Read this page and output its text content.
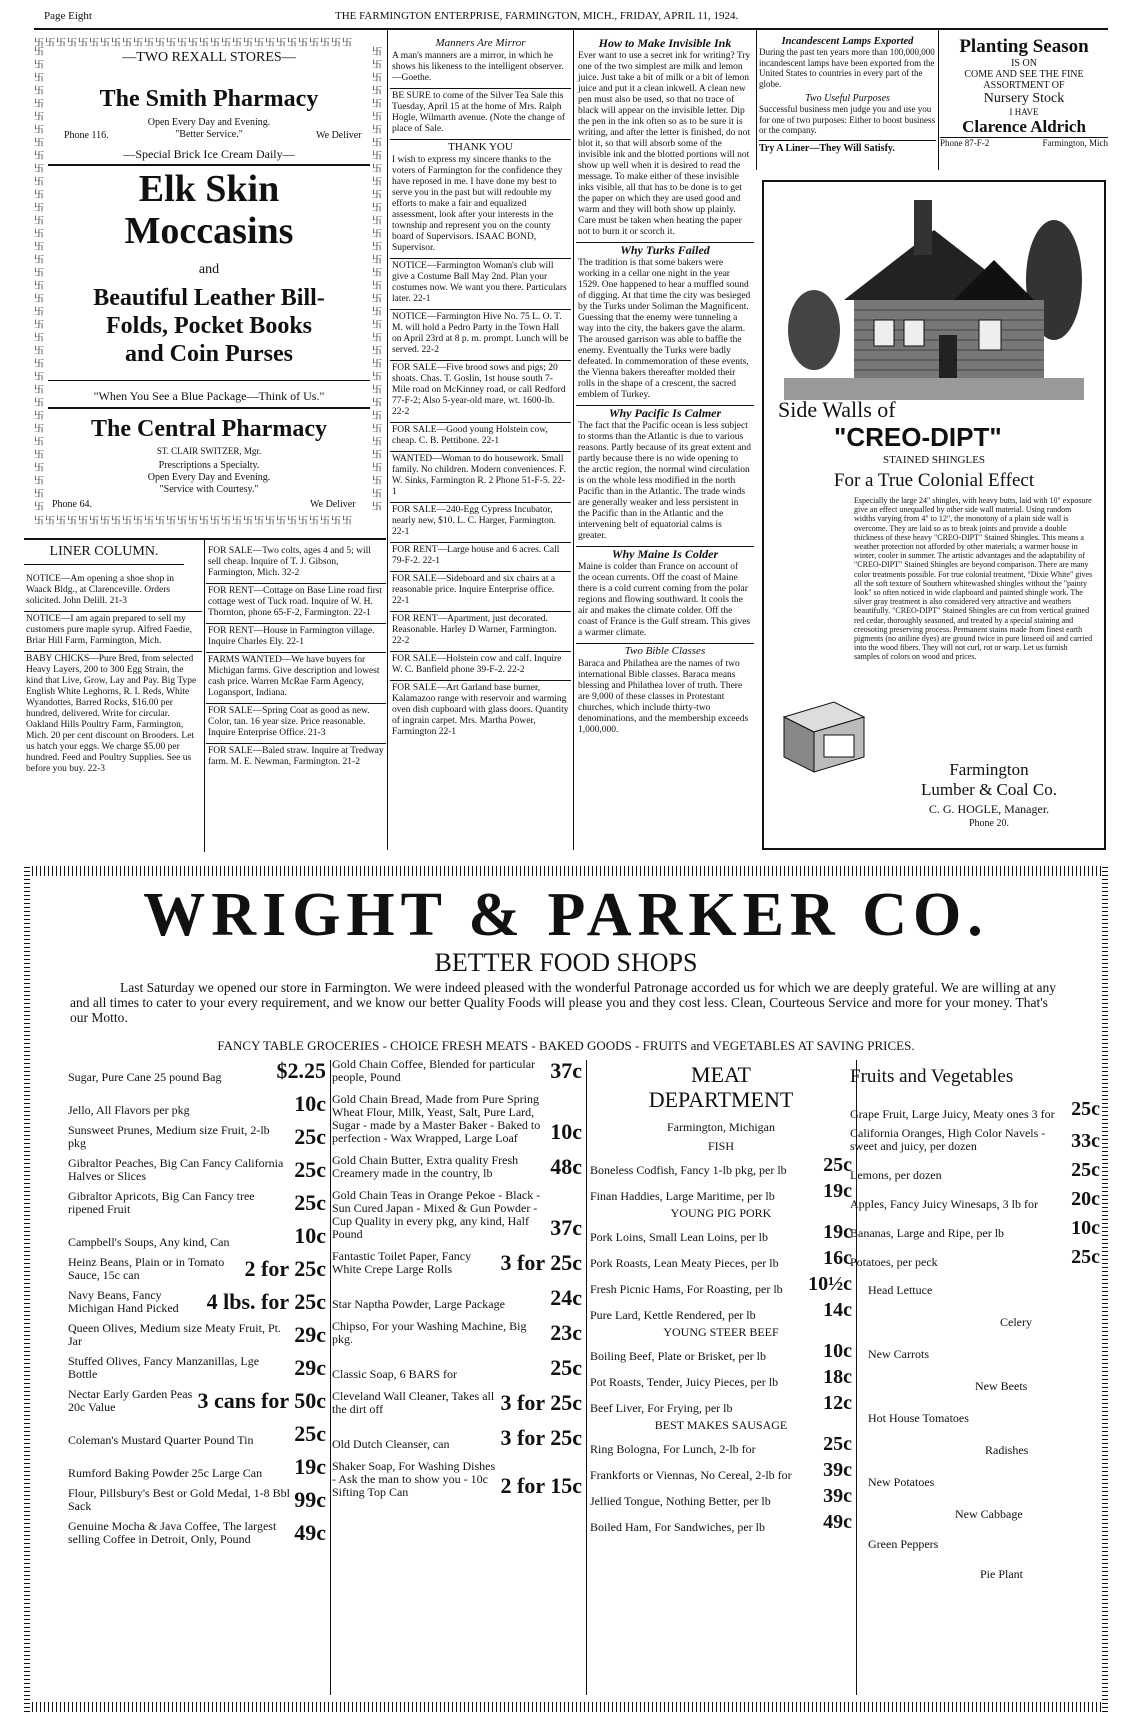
Page Eight	THE FARMINGTON ENTERPRISE, FARMINGTON, MICH., FRIDAY, APRIL 11, 1924.
卐卐卐卐卐卐卐卐卐卐卐卐卐卐卐卐卐卐卐卐卐卐卐卐卐卐卐卐卐
卐卐卐卐卐卐卐卐卐卐卐卐卐卐卐卐卐卐卐卐卐卐卐卐卐卐卐卐卐
卐卐卐卐卐卐卐卐卐卐卐卐卐卐卐卐卐卐卐卐卐卐卐卐卐卐卐卐卐卐卐卐卐卐卐卐
卐卐卐卐卐卐卐卐卐卐卐卐卐卐卐卐卐卐卐卐卐卐卐卐卐卐卐卐卐卐卐卐卐卐卐卐
—TWO REXALL STORES—
The Smith Pharmacy
Open Every Day and Evening.
"Better Service."
Phone 116.	We Deliver
—Special Brick Ice Cream Daily—
Elk Skin
Moccasins
and
Beautiful Leather Bill-
Folds, Pocket Books
and Coin Purses
"When You See a Blue Package—Think of Us."
The Central Pharmacy
ST. CLAIR SWITZER, Mgr.
Prescriptions a Specialty.
Open Every Day and Evening.
"Service with Courtesy."
Phone 64.	We Deliver
LINER COLUMN.
NOTICE—Am opening a shoe shop in Waack Bldg., at Clarenceville. Orders solicited. John Delill. 21-3
NOTICE—I am again prepared to sell my customers pure maple syrup. Alfred Faedie, Briar Hill Farm, Farmington, Mich.
BABY CHICKS—Pure Bred, from selected Heavy Layers, 200 to 300 Egg Strain, the kind that Live, Grow, Lay and Pay. Big Type English White Leghorns, R. I. Reds, White Wyandottes, Barred Rocks, $16.00 per hundred, delivered. Write for circular. Oakland Hills Poultry Farm, Farmington, Mich. 20 per cent discount on Brooders. Let us hatch your eggs. We charge $5.00 per hundred. Feed and Poultry Supplies. See us before you buy. 22-3
FOR SALE—Two colts, ages 4 and 5; will sell cheap. Inquire of T. J. Gibson, Farmington, Mich. 32-2
FOR RENT—Cottage on Base Line road first cottage west of Tuck road. Inquire of W. H. Thornton, phone 65-F-2, Farmington. 22-1
FOR RENT—House in Farmington village. Inquire Charles Ely. 22-1
FARMS WANTED—We have buyers for Michigan farms. Give description and lowest cash price. Warren McRae Farm Agency, Logansport, Indiana.
FOR SALE—Spring Coat as good as new. Color, tan. 16 year size. Price reasonable. Inquire Enterprise Office. 21-3
FOR SALE—Baled straw. Inquire at Tredway farm. M. E. Newman, Farmington. 21-2
Manners Are Mirror
A man's manners are a mirror, in which he shows his likeness to the intelligent observer.—Goethe.
BE SURE to come of the Silver Tea Sale this Tuesday, April 15 at the home of Mrs. Ralph Hogle, Wilmarth avenue. (Note the change of place of Sale.
THANK YOU
I wish to express my sincere thanks to the voters of Farmington for the confidence they have reposed in me. I have done my best to serve you in the past but will redouble my efforts to make a fair and equalized assessment, look after your interests in the township and represent you on the county board of Supervisors. ISAAC BOND, Supervisor.
NOTICE—Farmington Woman's club will give a Costume Ball May 2nd. Plan your costumes now. We want you there. Particulars later. 22-1
NOTICE—Farmington Hive No. 75 L. O. T. M. will hold a Pedro Party in the Town Hall on April 23rd at 8 p. m. prompt. Lunch will be served. 22-2
FOR SALE—Five brood sows and pigs; 20 shoats. Chas. T. Goslin, 1st house south 7-Mile road on McKinney road, or call Redford 77-F-2; Also 5-year-old mare, wt. 1600-lb. 22-2
FOR SALE—Good young Holstein cow, cheap. C. B. Pettibone. 22-1
WANTED—Woman to do housework. Small family. No children. Modern conveniences. F. W. Sinks, Farmington R. 2 Phone 51-F-5. 22-1
FOR SALE—240-Egg Cypress Incubator, nearly new, $10. L. C. Harger, Farmington. 22-1
FOR RENT—Large house and 6 acres. Call 79-F-2. 22-1
FOR SALE—Sideboard and six chairs at a reasonable price. Inquire Enterprise office. 22-1
FOR RENT—Apartment, just decorated. Reasonable. Harley D Warner, Farmington. 22-2
FOR SALE—Holstein cow and calf. Inquire W. C. Banfield phone 39-F-2. 22-2
FOR SALE—Art Garland base burner, Kalamazoo range with reservoir and warming oven dish cupboard with glass doors. Quantity of ingrain carpet. Mrs. Martha Power, Farmington 22-1
How to Make Invisible Ink
Ever want to use a secret ink for writing? Try one of the two simplest are milk and lemon juice. Just take a bit of milk or a bit of lemon juice and put it a clean inkwell. A clean new pen must also be used, so that no trace of black will appear on the invisible letter. Dip the pen in the ink often so as to be sure it is writing, and after the letter is finished, do not blot it, so that will absorb some of the invisible ink and the blotted portions will not show up well when it is desired to read the message. To make either of these invisible inks visible, all that has to be done is to get the paper on which they are used good and warm and they will both show up plainly. Care must be taken when heating the paper not to burn it or scorch it.
Why Turks Failed
The tradition is that some bakers were working in a cellar one night in the year 1529. One happened to hear a muffled sound of digging. At that time the city was besieged by the Turks under Soliman the Magnificent. Guessing that the enemy were tunneling a way into the city, the bakers gave the alarm. The aroused garrison was able to baffle the enemy. Eventually the Turks were badly defeated. In commemoration of these events, the Vienna bakers thereafter molded their rolls in the shape of a crescent, the sacred emblem of Turkey.
Why Pacific Is Calmer
The fact that the Pacific ocean is less subject to storms than the Atlantic is due to various reasons. Partly because of its great extent and partly because there is no wide opening to the arctic region, the normal wind circulation is on the whole less modified in the north Pacific than in the Atlantic. The trade winds are generally weaker and less persistent in the Pacific than in the Atlantic and the intervening belt of equatorial calms is greater.
Why Maine Is Colder
Maine is colder than France on account of the ocean currents. Off the coast of Maine there is a cold current coming from the polar regions and flowing southward. It cools the air and makes the climate colder. Off the coast of France is the Gulf stream. This gives a warmer climate.
Two Bible Classes
Baraca and Philathea are the names of two international Bible classes. Baraca means blessing and Philathea lover of truth. There are 9,000 of these classes in Protestant churches, which include thirty-two denominations, and the membership exceeds 1,000,000.
Incandescent Lamps Exported
During the past ten years more than 100,000,000 incandescent lamps have been exported from the United States to countries in every part of the globe.
Two Useful Purposes
Successful business men judge you and use you for one of two purposes: Either to boost business or the company.
Try A Liner—They Will Satisfy.
Planting Season
IS ON
COME AND SEE THE FINE
ASSORTMENT OF
Nursery Stock
I HAVE
Clarence Aldrich
Phone 87-F-2	Farmington, Mich
Side Walls of
"CREO-DIPT"
STAINED SHINGLES
For a True Colonial Effect
Especially the large 24" shingles, with heavy butts, laid with 10" exposure give an effect unequalled by other side wall material. Using random widths varying from 4" to 12", the monotony of a plain side wall is overcome. They are laid so as to break joints and provide a double thickness of these heavy "CREO-DIPT" Stained Shingles. This means a weather protection not afforded by other materials; a warmer house in winter, cooler in summer. The artistic advantages and the adaptability of "CREO-DIPT" Stained Shingles are beyond comparison. There are many color treatments possible. For true colonial treatment, "Dixie White" gives all the soft texture of Southern whitewashed shingles without the "painty look" so often noticed in wide clapboard and painted shingle work. The silver gray treatment is also considered very attractive and weathers beautifully. "CREO-DIPT" Stained Shingles are cut from vertical grained red cedar, thoroughly seasoned, and treated by a special staining and creosoting preserving process. Permanent stains made from finest earth pigments (no aniline dyes) are ground twice in pure linseed oil and carried into the wood fibers. They will not curl, rot or warp. Let us furnish samples of colors on wood and prices.
Farmington
Lumber & Coal Co.
C. G. HOGLE, Manager.
Phone 20.
WRIGHT & PARKER CO.
BETTER FOOD SHOPS
Last Saturday we opened our store in Farmington. We were indeed pleased with the wonderful Patronage accorded us for which we are deeply grateful. We are willing at any and all times to cater to your every requirement, and we know our better Quality Foods will please you and they cost less. Clean, Courteous Service and more for your money. That's our Motto.
FANCY TABLE GROCERIES - CHOICE FRESH MEATS - BAKED GOODS - FRUITS and VEGETABLES AT SAVING PRICES.
Sugar, Pure Cane 25 pound Bag	$2.25
Jello, All Flavors per pkg	10c
Sunsweet Prunes, Medium size Fruit, 2-lb pkg	25c
Gibraltor Peaches, Big Can Fancy California Halves or Slices	25c
Gibraltor Apricots, Big Can Fancy tree ripened Fruit	25c
Campbell's Soups, Any kind, Can	10c
Heinz Beans, Plain or in Tomato Sauce, 15c can	2 for 25c
Navy Beans, Fancy Michigan Hand Picked	4 lbs. for 25c
Queen Olives, Medium size Meaty Fruit, Pt. Jar	29c
Stuffed Olives, Fancy Manzanillas, Lge Bottle	29c
Nectar Early Garden Peas 20c Value	3 cans for 50c
Coleman's Mustard Quarter Pound Tin	25c
Rumford Baking Powder 25c Large Can	19c
Flour, Pillsbury's Best or Gold Medal, 1-8 Bbl Sack	99c
Genuine Mocha & Java Coffee, The largest selling Coffee in Detroit, Only, Pound	49c
Gold Chain Coffee, Blended for particular people, Pound	37c
Gold Chain Bread, Made from Pure Spring Wheat Flour, Milk, Yeast, Salt, Pure Lard, Sugar - made by a Master Baker - Baked to perfection - Wax Wrapped, Large Loaf	10c
Gold Chain Butter, Extra quality Fresh Creamery made in the country, lb	48c
Gold Chain Teas in Orange Pekoe - Black - Sun Cured Japan - Mixed & Gun Powder - Cup Quality in every pkg, any kind, Half Pound	37c
Fantastic Toilet Paper, Fancy White Crepe Large Rolls	3 for 25c
Star Naptha Powder, Large Package	24c
Chipso, For your Washing Machine, Big pkg.	23c
Classic Soap, 6 BARS for	25c
Cleveland Wall Cleaner, Takes all the dirt off	3 for 25c
Old Dutch Cleanser, can	3 for 25c
Shaker Soap, For Washing Dishes - Ask the man to show you - 10c Sifting Top Can	2 for 15c
MEAT DEPARTMENT
Farmington, Michigan
FISH
Boneless Codfish, Fancy 1-lb pkg, per lb	25c
Finan Haddies, Large Maritime, per lb	19c
YOUNG PIG PORK
Pork Loins, Small Lean Loins, per lb	19c
Pork Roasts, Lean Meaty Pieces, per lb	16c
Fresh Picnic Hams, For Roasting, per lb	10½c
Pure Lard, Kettle Rendered, per lb	14c
YOUNG STEER BEEF
Boiling Beef, Plate or Brisket, per lb	10c
Pot Roasts, Tender, Juicy Pieces, per lb	18c
Beef Liver, For Frying, per lb	12c
BEST MAKES SAUSAGE
Ring Bologna, For Lunch, 2-lb for	25c
Frankforts or Viennas, No Cereal, 2-lb for	39c
Jellied Tongue, Nothing Better, per lb	39c
Boiled Ham, For Sandwiches, per lb	49c
Fruits and Vegetables
Grape Fruit, Large Juicy, Meaty ones 3 for 25c
California Oranges, High Color Navels - sweet and juicy, per dozen	33c
Lemons, per dozen	25c
Apples, Fancy Juicy Winesaps, 3 lb for	20c
Bananas, Large and Ripe, per lb	10c
Potatoes, per peck	25c
Head Lettuce
Celery
New Carrots
New Beets
Hot House Tomatoes
Radishes
New Potatoes
New Cabbage
Green Peppers
Pie Plant
